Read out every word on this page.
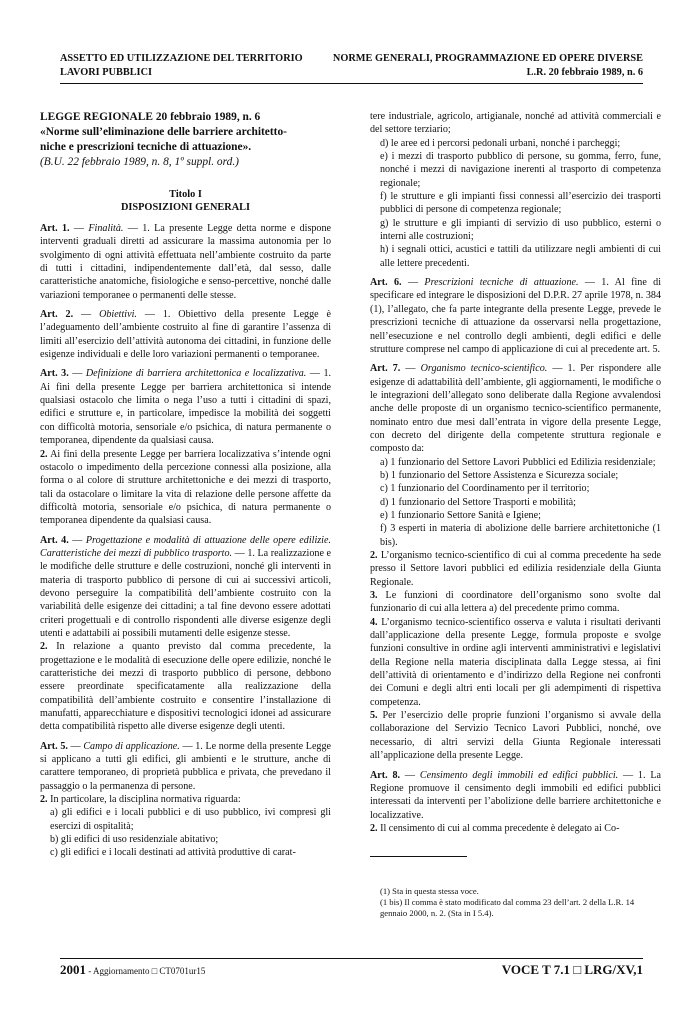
ASSETTO ED UTILIZZAZIONE DEL TERRITORIO	NORME GENERALI, PROGRAMMAZIONE ED OPERE DIVERSE
LAVORI PUBBLICI	L.R. 20 febbraio 1989, n. 6

LEGGE REGIONALE 20 febbraio 1989, n. 6

«Norme sull’eliminazione delle barriere architetto-

niche e prescrizioni tecniche di attuazione».

(B.U. 22 febbraio 1989, n. 8, 1º suppl. ord.)

Titolo I
DISPOSIZIONI GENERALI

Art. 1. — Finalità. — 1. La presente Legge detta norme e dispone interventi graduali diretti ad assicurare la massima autonomia per lo svolgimento di ogni attività effettuata nell’ambiente costruito da parte di tutti i cittadini, indipendentemente dall’età, dal sesso, dalle caratteristiche anatomiche, fisiologiche e senso-percettive, nonché dalle variazioni temporanee o permanenti delle stesse.

Art. 2. — Obiettivi. — 1. Obiettivo della presente Legge è l’adeguamento dell’ambiente costruito al fine di garantire l’assenza di limiti all’esercizio dell’attività autonoma dei cittadini, in funzione delle esigenze individuali e delle loro variazioni permanenti o temporanee.

Art. 3. — Definizione di barriera architettonica e localizzativa. — 1. Ai fini della presente Legge per barriera architettonica si intende qualsiasi ostacolo che limita o nega l’uso a tutti i cittadini di spazi, edifici e strutture e, in particolare, impedisce la mobilità dei soggetti con difficoltà motoria, sensoriale e/o psichica, di natura permanente o temporanea, dipendente da qualsiasi causa.

2. Ai fini della presente Legge per barriera localizzativa s’intende ogni ostacolo o impedimento della percezione connessi alla posizione, alla forma o al colore di strutture architettoniche e dei mezzi di trasporto, tali da ostacolare o limitare la vita di relazione delle persone affette da difficoltà motoria, sensoriale e/o psichica, di natura permanente o temporanea dipendente da qualsiasi causa.

Art. 4. — Progettazione e modalità di attuazione delle opere edilizie. Caratteristiche dei mezzi di pubblico trasporto. — 1. La realizzazione e le modifiche delle strutture e delle costruzioni, nonché gli interventi in materia di trasporto pubblico di persone di cui ai successivi articoli, devono perseguire la compatibilità dell’ambiente costruito con la variabilità delle esigenze dei cittadini; a tal fine devono essere adottati criteri progettuali e di controllo rispondenti alle diverse esigenze degli utenti e adattabili ai possibili mutamenti delle esigenze stesse.

2. In relazione a quanto previsto dal comma precedente, la progettazione e le modalità di esecuzione delle opere edilizie, nonché le caratteristiche dei mezzi di trasporto pubblico di persone, debbono essere preordinate specificatamente alla realizzazione della compatibilità dell’ambiente costruito e consentire l’installazione di manufatti, apparecchiature e dispositivi tecnologici idonei ad assicurare detta compatibilità rispetto alle diverse esigenze degli utenti.

Art. 5. — Campo di applicazione. — 1. Le norme della presente Legge si applicano a tutti gli edifici, gli ambienti e le strutture, anche di carattere temporaneo, di proprietà pubblica e privata, che prevedano il passaggio o la permanenza di persone.

2. In particolare, la disciplina normativa riguarda:

a) gli edifici e i locali pubblici e di uso pubblico, ivi compresi gli esercizi di ospitalità;

b) gli edifici di uso residenziale abitativo;

c) gli edifici e i locali destinati ad attività produttive di carat-

tere industriale, agricolo, artigianale, nonché ad attività commerciali e del settore terziario;

d) le aree ed i percorsi pedonali urbani, nonché i parcheggi;

e) i mezzi di trasporto pubblico di persone, su gomma, ferro, fune, nonché i mezzi di navigazione inerenti al trasporto di competenza regionale;

f) le strutture e gli impianti fissi connessi all’esercizio dei trasporti pubblici di persone di competenza regionale;

g) le strutture e gli impianti di servizio di uso pubblico, esterni o interni alle costruzioni;

h) i segnali ottici, acustici e tattili da utilizzare negli ambienti di cui alle lettere precedenti.

Art. 6. — Prescrizioni tecniche di attuazione. — 1. Al fine di specificare ed integrare le disposizioni del D.P.R. 27 aprile 1978, n. 384 (1), l’allegato, che fa parte integrante della presente Legge, prevede le prescrizioni tecniche di attuazione da osservarsi nella progettazione, nell’esecuzione e nel controllo degli ambienti, degli edifici e delle strutture comprese nel campo di applicazione di cui al precedente art. 5.

Art. 7. — Organismo tecnico-scientifico. — 1. Per rispondere alle esigenze di adattabilità dell’ambiente, gli aggiornamenti, le modifiche o le integrazioni dell’allegato sono deliberate dalla Regione avvalendosi anche delle proposte di un organismo tecnico-scientifico permanente, nominato entro due mesi dall’entrata in vigore della presente Legge, con decreto del dirigente della competente struttura regionale e composto da:

a) 1 funzionario del Settore Lavori Pubblici ed Edilizia residenziale;

b) 1 funzionario del Settore Assistenza e Sicurezza sociale;

c) 1 funzionario del Coordinamento per il territorio;

d) 1 funzionario del Settore Trasporti e mobilità;

e) 1 funzionario Settore Sanità e Igiene;

f) 3 esperti in materia di abolizione delle barriere architettoniche (1 bis).

2. L’organismo tecnico-scientifico di cui al comma precedente ha sede presso il Settore lavori pubblici ed edilizia residenziale della Giunta Regionale.

3. Le funzioni di coordinatore dell’organismo sono svolte dal funzionario di cui alla lettera a) del precedente primo comma.

4. L’organismo tecnico-scientifico osserva e valuta i risultati derivanti dall’applicazione della presente Legge, formula proposte e svolge funzioni consultive in ordine agli interventi amministrativi e legislativi della Regione nella materia disciplinata dalla Legge stessa, ai fini dell’attività di orientamento e d’indirizzo della Regione nei confronti dei Comuni e degli altri enti locali per gli adempimenti di rispettiva competenza.

5. Per l’esercizio delle proprie funzioni l’organismo si avvale della collaborazione del Servizio Tecnico Lavori Pubblici, nonché, ove necessario, di altri servizi della Giunta Regionale interessati all’applicazione della presente Legge.

Art. 8. — Censimento degli immobili ed edifici pubblici. — 1. La Regione promuove il censimento degli immobili ed edifici pubblici interessati da interventi per l’abolizione delle barriere architettoniche e localizzative.

2. Il censimento di cui al comma precedente è delegato ai Co-

(1) Sta in questa stessa voce.

(1 bis) Il comma è stato modificato dal comma 23 dell’art. 2 della L.R. 14 gennaio 2000, n. 2. (Sta in I 5.4).

2001 - Aggiornamento □ CT0701ur15	VOCE T 7.1 □ LRG/XV,1
